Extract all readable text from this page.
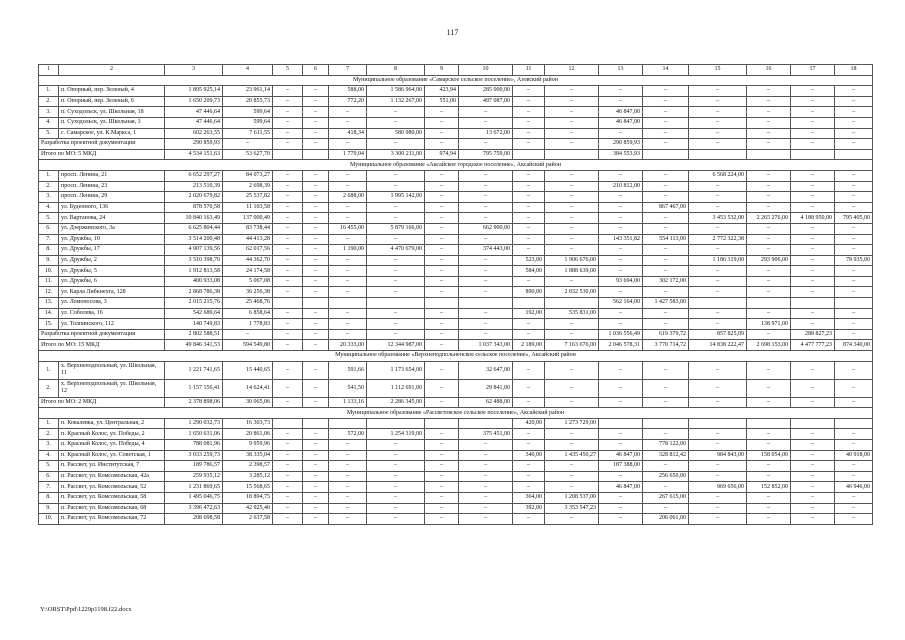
117
1	2	3	4	5	6	7	8	9	10	11	12	13	14	15	16	17	18
Муниципальное образование «Самарское сельское поселение», Азовский район																	
1.	п. Опорный, пер. Зеленый, 4	1 895 925,14	23 961,14	–	–	588,00	1 586 964,00	423,94	285 000,00	–	–	–	–	–	–	–	–
2.	п. Опорный, пер. Зеленый, 6	1 650 209,73	20 855,73	–	–	772,20	1 132 267,00	551,00	497 087,00	–	–	–	–	–	–	–	–
3.	п. Суходольск, ул. Школьная, 18	47 446,64	599,64	–	–	–	–	–	–	–	–	46 847,00	–	–	–	–	–
4.	п. Суходольск, ул. Школьная, 3	47 446,64	599,64	–	–	–	–	–	–	–	–	46 847,00	–	–	–	–	–
5.	с. Самарское, ул. К.Маркса, 1	602 263,55	7 611,55	–	–	418,34	580 980,00	–	13 672,00	–	–	–	–	–	–	–	–
Разработка проектной документации		290 859,93	–	–	–	–	–	–	–	–	–	290 859,93	–	–	–	–	–
Итого по МО: 5 МКД		4 534 151,63	53 627,70			1 779,04	3 300 211,00	974,94	795 759,00			384 553,93					
Муниципальное образование «Аксайское городское поселение», Аксайский район																	
1.	просп. Ленина, 21	6 652 297,27	84 073,27	–	–	–	–	–	–	–	–	–	–	6 568 224,00	–	–	–
2.	просп. Ленина, 23	213 510,39	2 698,39	–	–	–	–	–	–	–	–	210 812,00	–	–	–	–	–
3.	просп. Ленина, 29	2 020 679,82	25 537,82	–	–	2 688,00	1 995 142,00	–	–	–	–	–	–	–	–	–	–
4.	ул. Буденного, 136	878 570,58	11 103,58	–	–	–	–	–	–	–	–	–	867 467,00	–	–	–	–
5.	ул. Вартанова, 24	10 840 163,49	137 000,49	–	–	–	–	–	–	–	–	–	–	3 453 532,00	2 265 276,00	4 188 950,00	795 405,00
6.	ул. Дзержинского, 3а	6 625 804,44	83 738,44	–	–	16 455,00	5 879 166,00	–	662 900,00	–	–	–	–	–	–	–	–
7.	ул. Дружбы, 10	3 514 200,48	44 413,28	–	–	–	–	–	–	–	–	143 351,82	554 113,00	2 772 322,38	–	–	–
8.	ул. Дружбы, 17	4 907 139,56	62 017,56	–	–	1 190,00	4 470 679,00	–	374 443,00	–	–	–	–	–	–	–	–
9.	ул. Дружбы, 2	3 510 398,70	44 362,70	–	–	–	–	–	–	523,00	1 906 676,00	–	–	1 186 319,00	293 906,00	–	78 935,00
10.	ул. Дружбы, 5	1 912 813,58	24 174,58	–	–	–	–	–	–	584,00	1 888 639,00	–	–	–	–	–	–
11.	ул. Дружбы, 6	400 933,08	5 067,08	–	–	–	–	–	–	–	–	93 694,00	302 172,00	–	–	–	–
12.	ул. Карла Либкнехта, 128	2 868 786,38	36 256,38	–	–	–	–	–	–	890,00	2 832 530,00	–	–	–	–	–	–
13.	ул. Ломоносова, 3	2 015 215,76	25 468,76									562 164,00	1 427 583,00				
14.	ул. Соболева, 16	542 689,64	6 858,64	–	–	–	–	–	–	192,00	535 831,00	–	–	–	–	–	–
15.	ул. Толпинского, 112	140 749,83	1 778,83	–	–	–	–	–	–	–	–	–	–	–	138 971,00	–	–
Разработка проектной документации		2 802 588,51	–	–	–	–	–	–	–	–	–	1 036 556,49	619 379,72	857 825,09	–	288 827,23	–
Итого по МО: 15 МКД		49 846 341,53	594 549,80	–	–	20 333,00	12 344 987,00	–	1 037 343,00	2 189,00	7 163 676,00	2 046 578,31	3 770 714,72	14 838 222,47	2 698 153,00	4 477 777,23	874 340,00
Муниципальное образование «Верхнеподпольненское сельское поселение», Аксайский район																	
1.	х. Верхнеподпольный, ул. Школьная, 11	1 221 741,65	15 440,65	–	–	591,66	1 173 654,00	–	32 647,00	–	–	–	–	–	–	–	–
2.	х. Верхнеподпольный, ул. Школьная, 12	1 157 156,41	14 624,41	–	–	541,50	1 112 691,00	–	29 841,00	–	–	–	–	–	–	–	–
Итого по МО: 2 МКД		2 378 898,06	30 065,06	–	–	1 133,16	2 286 345,00	–	62 488,00	–	–	–	–	–	–	–	–
Муниципальное образование «Рассветовское сельское поселение», Аксайский район																	
1.	п. Ковалевка, ул. Центральная, 2	1 290 032,73	16 303,73							420,00	1 273 729,00						
2.	п. Красный Колос, ул. Победы, 2	1 650 631,06	20 861,06	–	–	572,00	1 254 319,00	–	375 451,00	–	–	–	–	–	–	–	–
3.	п. Красный Колос, ул. Победы, 4	788 081,96	9 959,96	–	–	–	–	–	–	–	–	–	778 122,00	–	–	–	–
4.	п. Красный Колос, ул. Советская, 1	3 033 259,73	38 335,04	–	–	–	–	–	–	340,00	1 435 450,27	46 847,00	328 812,42	984 843,00	158 054,00	–	40 918,00
5.	п. Рассвет, ул. Институтская, 7	189 786,57	2 398,57	–	–	–	–	–	–	–	–	187 388,00	–	–	–	–	–
6.	п. Рассвет, ул. Комсомольская, 42а	259 935,12	3 285,12	–	–	–	–	–	–	–	–	–	256 650,00	–	–	–	–
7.	п. Рассвет, ул. Комсомольская, 52	1 231 869,65	15 568,65	–	–	–	–	–	–	–	–	46 847,00	–	969 656,00	152 852,00	–	46 946,00
8.	п. Рассвет, ул. Комсомольская, 58	1 495 046,75	18 894,75	–	–	–	–	–	–	364,00	1 208 537,00	–	267 615,00	–	–	–	–
9.	п. Рассвет, ул. Комсомольская, 68	3 396 472,63	42 925,40	–	–	–	–	–	–	392,00	3 353 547,23	–	–	–	–	–	–
10.	п. Рассвет, ул. Комсомольская, 72	208 698,58	2 637,58	–	–	–	–	–	–	–	–	–	206 061,00	–	–	–	–
Y:\ORST\Ppd\1229p1198.f22.docx
